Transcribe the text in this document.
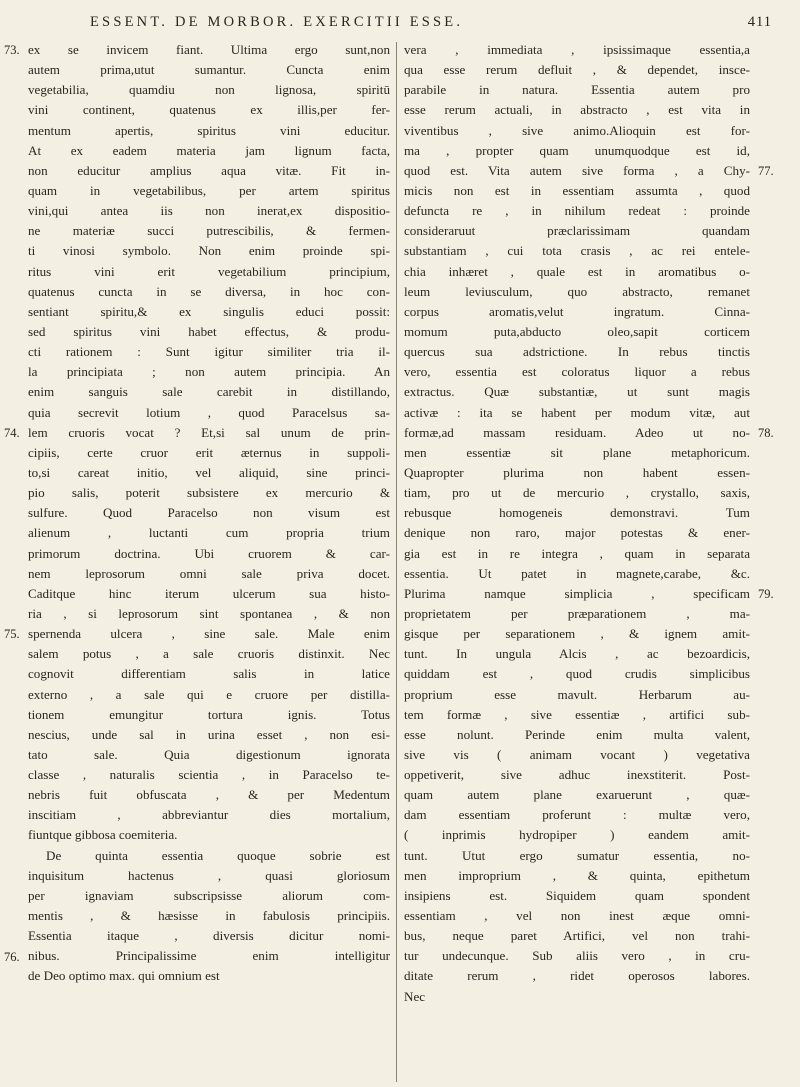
ESSENT. DE MORBOR. EXERCITII ESSE.	411

ex se invicem fiant. Ultima ergo sunt,non

autem prima,utut sumantur. Cuncta enim

vegetabilia, quamdiu non lignosa, spiritū

vini continent, quatenus ex illis,per fer-

mentum apertis, spiritus vini educitur.

At ex eadem materia jam lignum facta,

non educitur amplius aqua vitæ. Fit in-

quam in vegetabilibus, per artem spiritus

vini,qui antea iis non inerat,ex dispositio-

ne materiæ succi putrescibilis, & fermen-

ti vinosi symbolo. Non enim proinde spi-

ritus vini erit vegetabilium principium,

quatenus cuncta in se diversa, in hoc con-

sentiant spiritu,& ex singulis educi possit:

sed spiritus vini habet effectus, & produ-

cti rationem : Sunt igitur similiter tria il-

la principiata ; non autem principia. An

enim sanguis sale carebit in distillando,

quia secrevit lotium , quod Paracelsus sa-

lem cruoris vocat ? Et,si sal unum de prin-

cipiis, certe cruor erit æternus in suppoli-

to,si careat initio, vel aliquid, sine princi-

pio salis, poterit subsistere ex mercurio &

sulfure. Quod Paracelso non visum est

alienum , luctanti cum propria trium

primorum doctrina. Ubi cruorem & car-

nem leprosorum omni sale priva docet.

Caditque hinc iterum ulcerum sua histo-

ria , si leprosorum sint spontanea , & non

spernenda ulcera , sine sale. Male enim

salem potus , a sale cruoris distinxit. Nec

cognovit differentiam salis in latice

externo , a sale qui e cruore per distilla-

tionem emungitur tortura ignis. Totus

nescius, unde sal in urina esset , non esi-

tato sale. Quia digestionum ignorata

classe , naturalis scientia , in Paracelso te-

nebris fuit obfuscata , & per Medentum

inscitiam , abbreviantur dies mortalium,

fiuntque gibbosa coemiteria.

De quinta essentia quoque sobrie est

inquisitum hactenus , quasi gloriosum

per ignaviam subscripsisse aliorum com-

mentis , & hæsisse in fabulosis principiis.

Essentia itaque , diversis dicitur nomi-

nibus. Principalissime enim intelligitur

de Deo optimo max. qui omnium est

vera , immediata , ipsissimaque essentia,a

qua esse rerum defluit , & dependet, insce-

parabile in natura. Essentia autem pro

esse rerum actuali, in abstracto , est vita in

viventibus , sive animo.Alioquin est for-

ma , propter quam unumquodque est id,

quod est. Vita autem sive forma , a Chy-

micis non est in essentiam assumta , quod

defuncta re , in nihilum redeat : proinde

consideraruut præclarissimam quandam

substantiam , cui tota crasis , ac rei entele-

chia inhæret , quale est in aromatibus o-

leum leviusculum, quo abstracto, remanet

corpus aromatis,velut ingratum. Cinna-

momum puta,abducto oleo,sapit corticem

quercus sua adstrictione. In rebus tinctis

vero, essentia est coloratus liquor a rebus

extractus. Quæ substantiæ, ut sunt magis

activæ : ita se habent per modum vitæ, aut

formæ,ad massam residuam. Adeo ut no-

men essentiæ sit plane metaphoricum.

Quapropter plurima non habent essen-

tiam, pro ut de mercurio , crystallo, saxis,

rebusque homogeneis demonstravi. Tum

denique non raro, major potestas & ener-

gia est in re integra , quam in separata

essentia. Ut patet in magnete,carabe, &c.

Plurima namque simplicia , specificam

proprietatem per præparationem , ma-

gisque per separationem , & ignem amit-

tunt. In ungula Alcis , ac bezoardicis,

quiddam est , quod crudis simplicibus

proprium esse mavult. Herbarum au-

tem formæ , sive essentiæ , artifici sub-

esse nolunt. Perinde enim multa valent,

sive vis ( animam vocant ) vegetativa

oppetiverit, sive adhuc inexstiterit. Post-

quam autem plane exaruerunt , quæ-

dam essentiam proferunt : multæ vero,

( inprimis hydropiper ) eandem amit-

tunt. Utut ergo sumatur essentia, no-

men improprium , & quinta, epithetum

insipiens est. Siquidem quam spondent

essentiam , vel non inest æque omni-

bus, neque paret Artifici, vel non trahi-

tur undecunque. Sub aliis vero , in cru-

ditate rerum , ridet operosos labores.

Nec

73.
74.
75.
76.
77.
78.
79.
